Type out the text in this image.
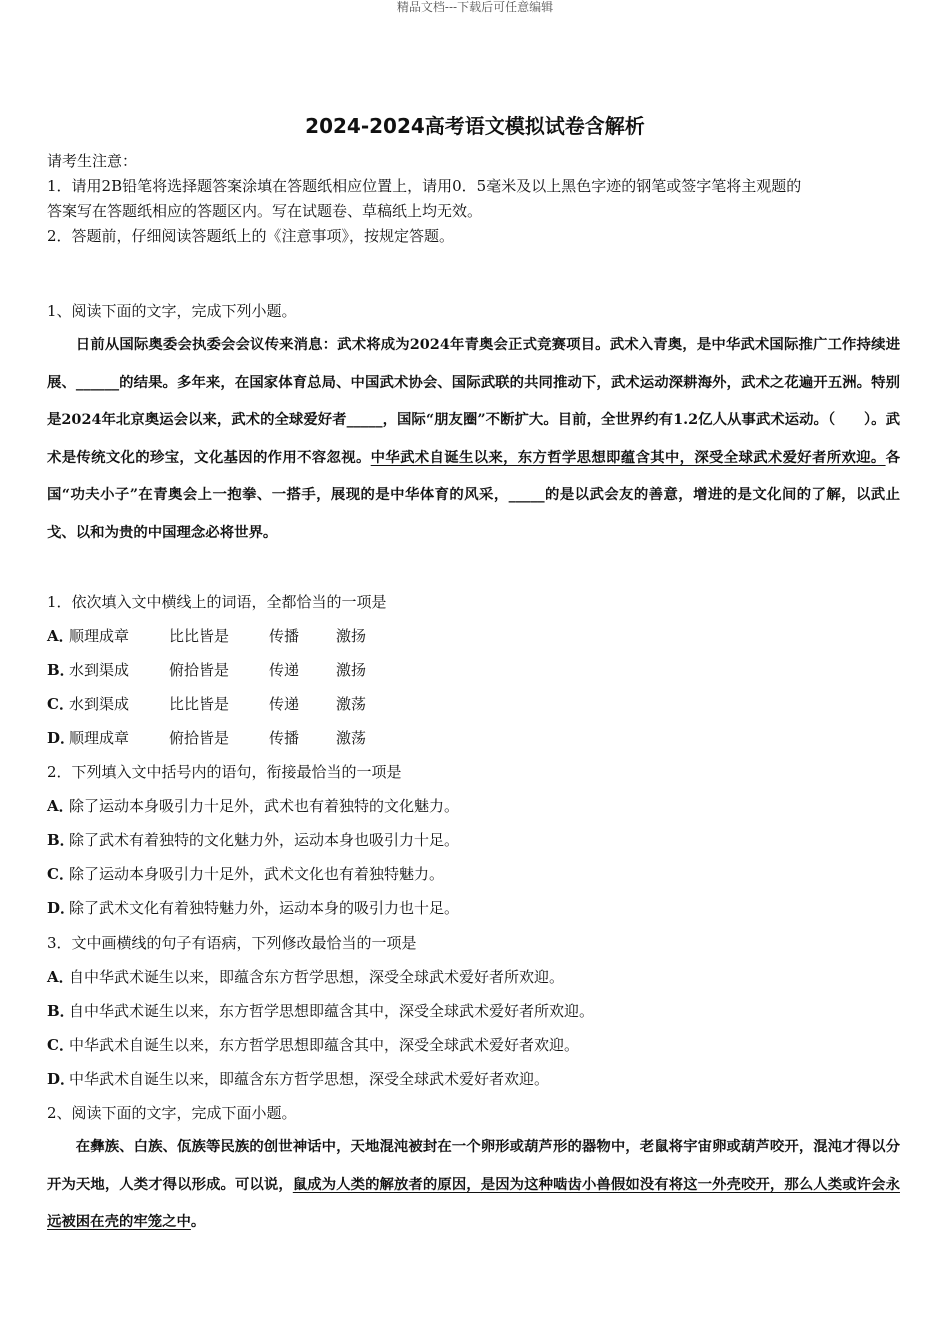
精品文档---下载后可任意编辑
2024-2024高考语文模拟试卷含解析
请考生注意：
1．请用2B铅笔将选择题答案涂填在答题纸相应位置上，请用0．5毫米及以上黑色字迹的钢笔或签字笔将主观题的
答案写在答题纸相应的答题区内。写在试题卷、草稿纸上均无效。
2．答题前，仔细阅读答题纸上的《注意事项》，按规定答题。
1、阅读下面的文字，完成下列小题。
日前从国际奥委会执委会会议传来消息：武术将成为2024年青奥会正式竞赛项目。武术入青奥，是中华武术国际推广工作持续进展、______的结果。多年来，在国家体育总局、中国武术协会、国际武联的共同推动下，武术运动深耕海外，武术之花遍开五洲。特别是2024年北京奥运会以来，武术的全球爱好者_____，国际“朋友圈”不断扩大。目前，全世界约有1.2亿人从事武术运动。（　　）。武术是传统文化的珍宝，文化基因的作用不容忽视。中华武术自诞生以来，东方哲学思想即蕴含其中，深受全球武术爱好者所欢迎。各国“功夫小子”在青奥会上一抱拳、一搭手，展现的是中华体育的风采，_____的是以武会友的善意，增进的是文化间的了解，以武止戈、以和为贵的中国理念必将世界。
1．依次填入文中横线上的词语，全都恰当的一项是
A．顺理成章	比比皆是	传播 激扬
B．水到渠成	俯拾皆是	传递 激扬
C．水到渠成	比比皆是	传递 激荡
D．顺理成章	俯拾皆是	传播 激荡
2．下列填入文中括号内的语句，衔接最恰当的一项是
A．除了运动本身吸引力十足外，武术也有着独特的文化魅力。
B．除了武术有着独特的文化魅力外，运动本身也吸引力十足。
C．除了运动本身吸引力十足外，武术文化也有着独特魅力。
D．除了武术文化有着独特魅力外，运动本身的吸引力也十足。
3．文中画横线的句子有语病，下列修改最恰当的一项是
A．自中华武术诞生以来，即蕴含东方哲学思想，深受全球武术爱好者所欢迎。
B．自中华武术诞生以来，东方哲学思想即蕴含其中，深受全球武术爱好者所欢迎。
C．中华武术自诞生以来，东方哲学思想即蕴含其中，深受全球武术爱好者欢迎。
D．中华武术自诞生以来，即蕴含东方哲学思想，深受全球武术爱好者欢迎。
2、阅读下面的文字，完成下面小题。
在彝族、白族、佤族等民族的创世神话中，天地混沌被封在一个卵形或葫芦形的器物中，老鼠将宇宙卵或葫芦咬开，混沌才得以分开为天地，人类才得以形成。可以说，鼠成为人类的解放者的原因，是因为这种啮齿小兽假如没有将这一外壳咬开，那么人类或许会永远被困在壳的牢笼之中。
